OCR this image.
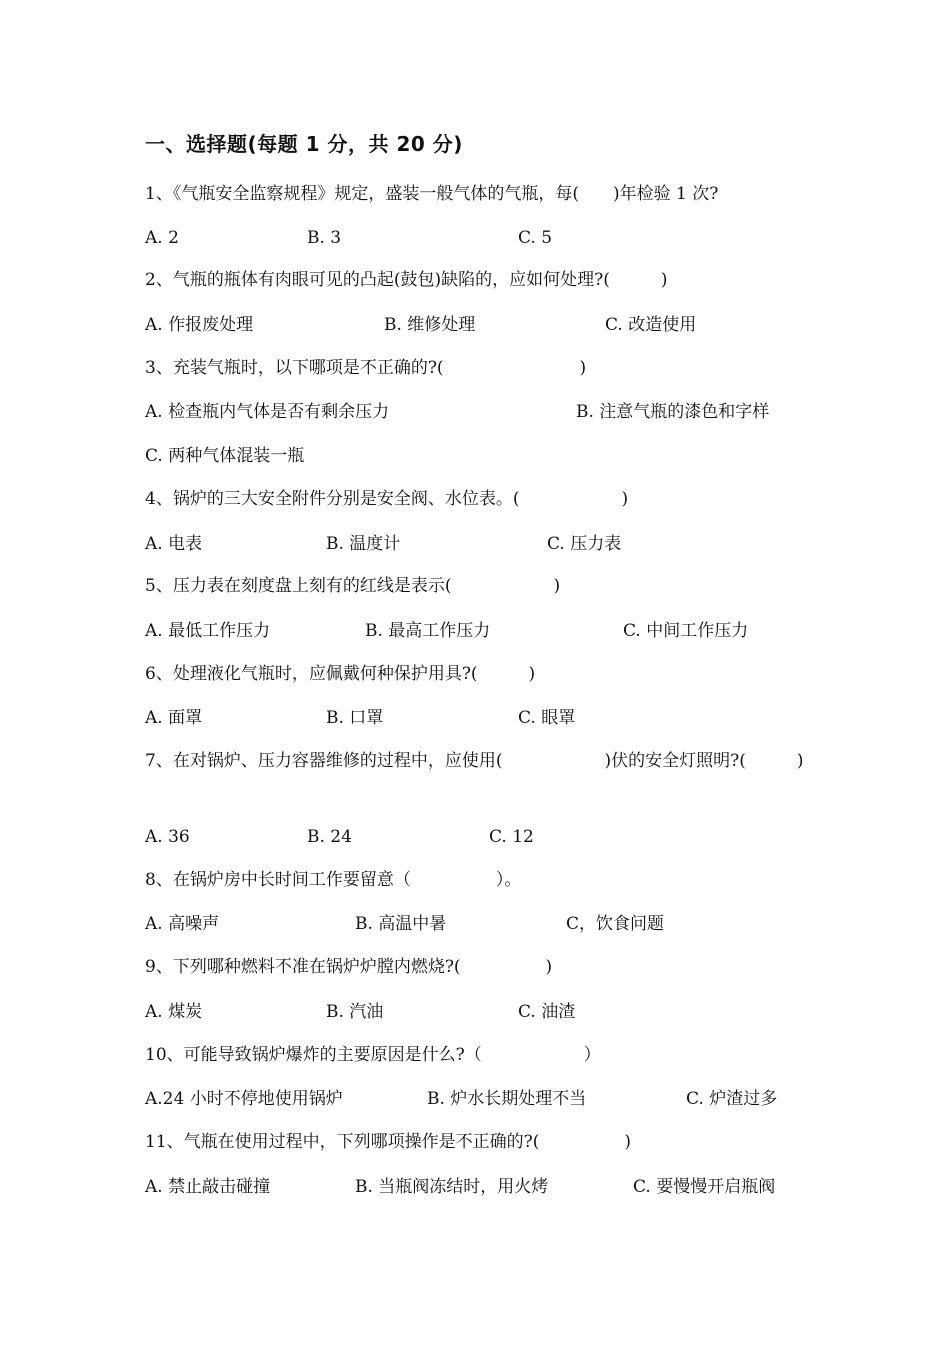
一、选择题(每题 1 分，共 20 分)
1、《气瓶安全监察规程》规定，盛装一般气体的气瓶，每(　　)年检验 1 次?
A. 2	B. 3	C. 5
2、气瓶的瓶体有肉眼可见的凸起(鼓包)缺陷的，应如何处理?(　　　)
A. 作报废处理	B. 维修处理	C. 改造使用
3、充装气瓶时，以下哪项是不正确的?(　　　　　　　　)
A. 检查瓶内气体是否有剩余压力	B. 注意气瓶的漆色和字样
C. 两种气体混装一瓶
4、锅炉的三大安全附件分别是安全阀、水位表。(　　　　　　)
A. 电表	B. 温度计	C. 压力表
5、压力表在刻度盘上刻有的红线是表示(　　　　　　)
A. 最低工作压力	B. 最高工作压力	C. 中间工作压力
6、处理液化气瓶时，应佩戴何种保护用具?(　　　)
A. 面罩	B. 口罩	C. 眼罩
7、在对锅炉、压力容器维修的过程中，应使用(　　　　　　)伏的安全灯照明?(　　　)
A. 36	B. 24	C. 12
8、在锅炉房中长时间工作要留意（　　　　　）。
A. 高噪声	B. 高温中暑	C，饮食问题
9、下列哪种燃料不准在锅炉炉膛内燃烧?(　　　　　)
A. 煤炭	B. 汽油	C. 油渣
10、可能导致锅炉爆炸的主要原因是什么?（　　　　　　）
A.24 小时不停地使用锅炉	B. 炉水长期处理不当	C. 炉渣过多
11、气瓶在使用过程中，下列哪项操作是不正确的?(　　　　　)
A. 禁止敲击碰撞	B. 当瓶阀冻结时，用火烤	C. 要慢慢开启瓶阀
